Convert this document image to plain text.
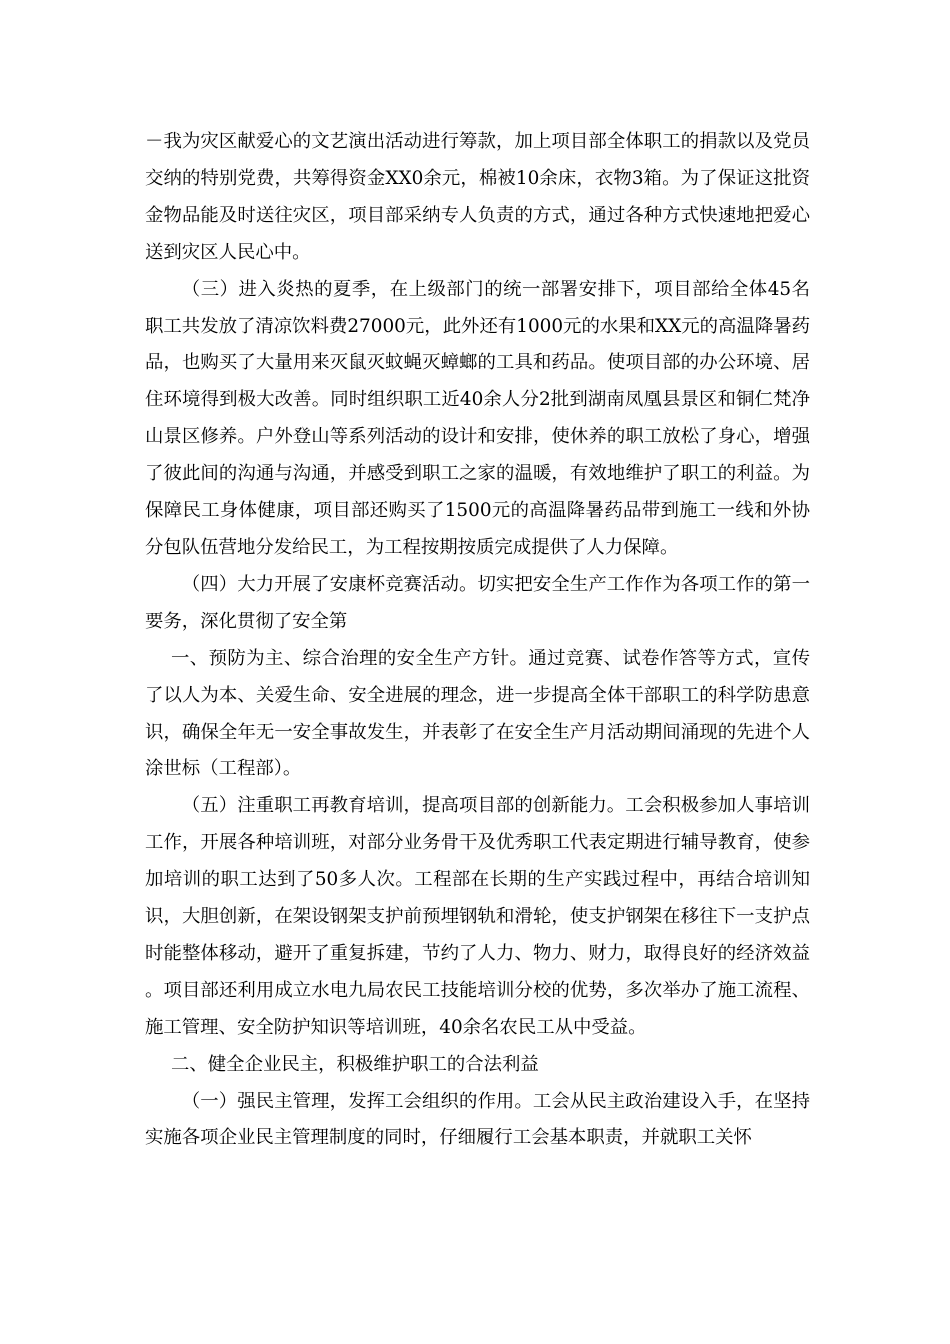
－我为灾区献爱心的文艺演出活动进行筹款，加上项目部全体职工的捐款以及党员交纳的特别党费，共筹得资金XX0余元，棉被10余床，衣物3箱。为了保证这批资金物品能及时送往灾区，项目部采纳专人负责的方式，通过各种方式快速地把爱心送到灾区人民心中。

（三）进入炎热的夏季，在上级部门的统一部署安排下，项目部给全体45名职工共发放了清凉饮料费27000元，此外还有1000元的水果和XX元的高温降暑药品，也购买了大量用来灭鼠灭蚊蝇灭蟑螂的工具和药品。使项目部的办公环境、居住环境得到极大改善。同时组织职工近40余人分2批到湖南凤凰县景区和铜仁梵净山景区修养。户外登山等系列活动的设计和安排，使休养的职工放松了身心，增强了彼此间的沟通与沟通，并感受到职工之家的温暖，有效地维护了职工的利益。为保障民工身体健康，项目部还购买了1500元的高温降暑药品带到施工一线和外协分包队伍营地分发给民工，为工程按期按质完成提供了人力保障。

（四）大力开展了安康杯竞赛活动。切实把安全生产工作作为各项工作的第一要务，深化贯彻了安全第

一、预防为主、综合治理的安全生产方针。通过竞赛、试卷作答等方式，宣传了以人为本、关爱生命、安全进展的理念，进一步提高全体干部职工的科学防患意识，确保全年无一安全事故发生，并表彰了在安全生产月活动期间涌现的先进个人涂世标（工程部）。

（五）注重职工再教育培训，提高项目部的创新能力。工会积极参加人事培训工作，开展各种培训班，对部分业务骨干及优秀职工代表定期进行辅导教育，使参加培训的职工达到了50多人次。工程部在长期的生产实践过程中，再结合培训知识，大胆创新，在架设钢架支护前预埋钢轨和滑轮，使支护钢架在移往下一支护点时能整体移动，避开了重复拆建，节约了人力、物力、财力，取得良好的经济效益。项目部还利用成立水电九局农民工技能培训分校的优势，多次举办了施工流程、施工管理、安全防护知识等培训班，40余名农民工从中受益。

二、健全企业民主，积极维护职工的合法利益

（一）强民主管理，发挥工会组织的作用。工会从民主政治建设入手，在坚持实施各项企业民主管理制度的同时，仔细履行工会基本职责，并就职工关怀
